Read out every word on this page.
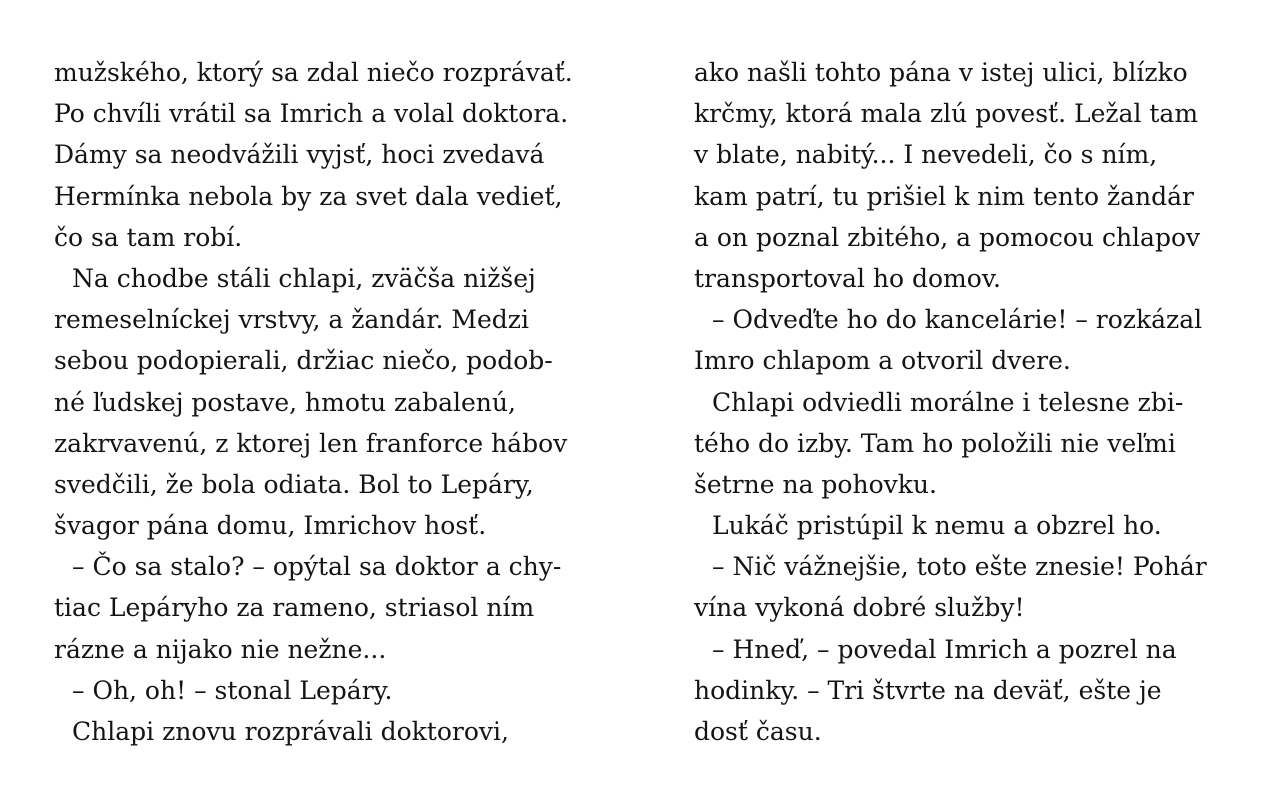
mužského, ktorý sa zdal niečo rozprávať.
Po chvíli vrátil sa Imrich a volal doktora.
Dámy sa neodvážili vyjsť, hoci zvedavá
Hermínka nebola by za svet dala vedieť,
čo sa tam robí.
Na chodbe stáli chlapi, zväčša nižšej
remeselníckej vrstvy, a žandár. Medzi
sebou podopierali, držiac niečo, podob-
né ľudskej postave, hmotu zabalenú,
zakrvavenú, z ktorej len franforce hábov
svedčili, že bola odiata. Bol to Lepáry,
švagor pána domu, Imrichov hosť.
– Čo sa stalo? – opýtal sa doktor a chy-
tiac Lepáryho za rameno, striasol ním
rázne a nijako nie nežne...
– Oh, oh! – stonal Lepáry.
Chlapi znovu rozprávali doktorovi,
ako našli tohto pána v istej ulici, blízko
krčmy, ktorá mala zlú povesť. Ležal tam
v blate, nabitý... I nevedeli, čo s ním,
kam patrí, tu prišiel k nim tento žandár
a on poznal zbitého, a pomocou chlapov
transportoval ho domov.
– Odveďte ho do kancelárie! – rozkázal
Imro chlapom a otvoril dvere.
Chlapi odviedli morálne i telesne zbi-
tého do izby. Tam ho položili nie veľmi
šetrne na pohovku.
Lukáč pristúpil k nemu a obzrel ho.
– Nič vážnejšie, toto ešte znesie! Pohár
vína vykoná dobré služby!
– Hneď, – povedal Imrich a pozrel na
hodinky. – Tri štvrte na deväť, ešte je
dosť času.
